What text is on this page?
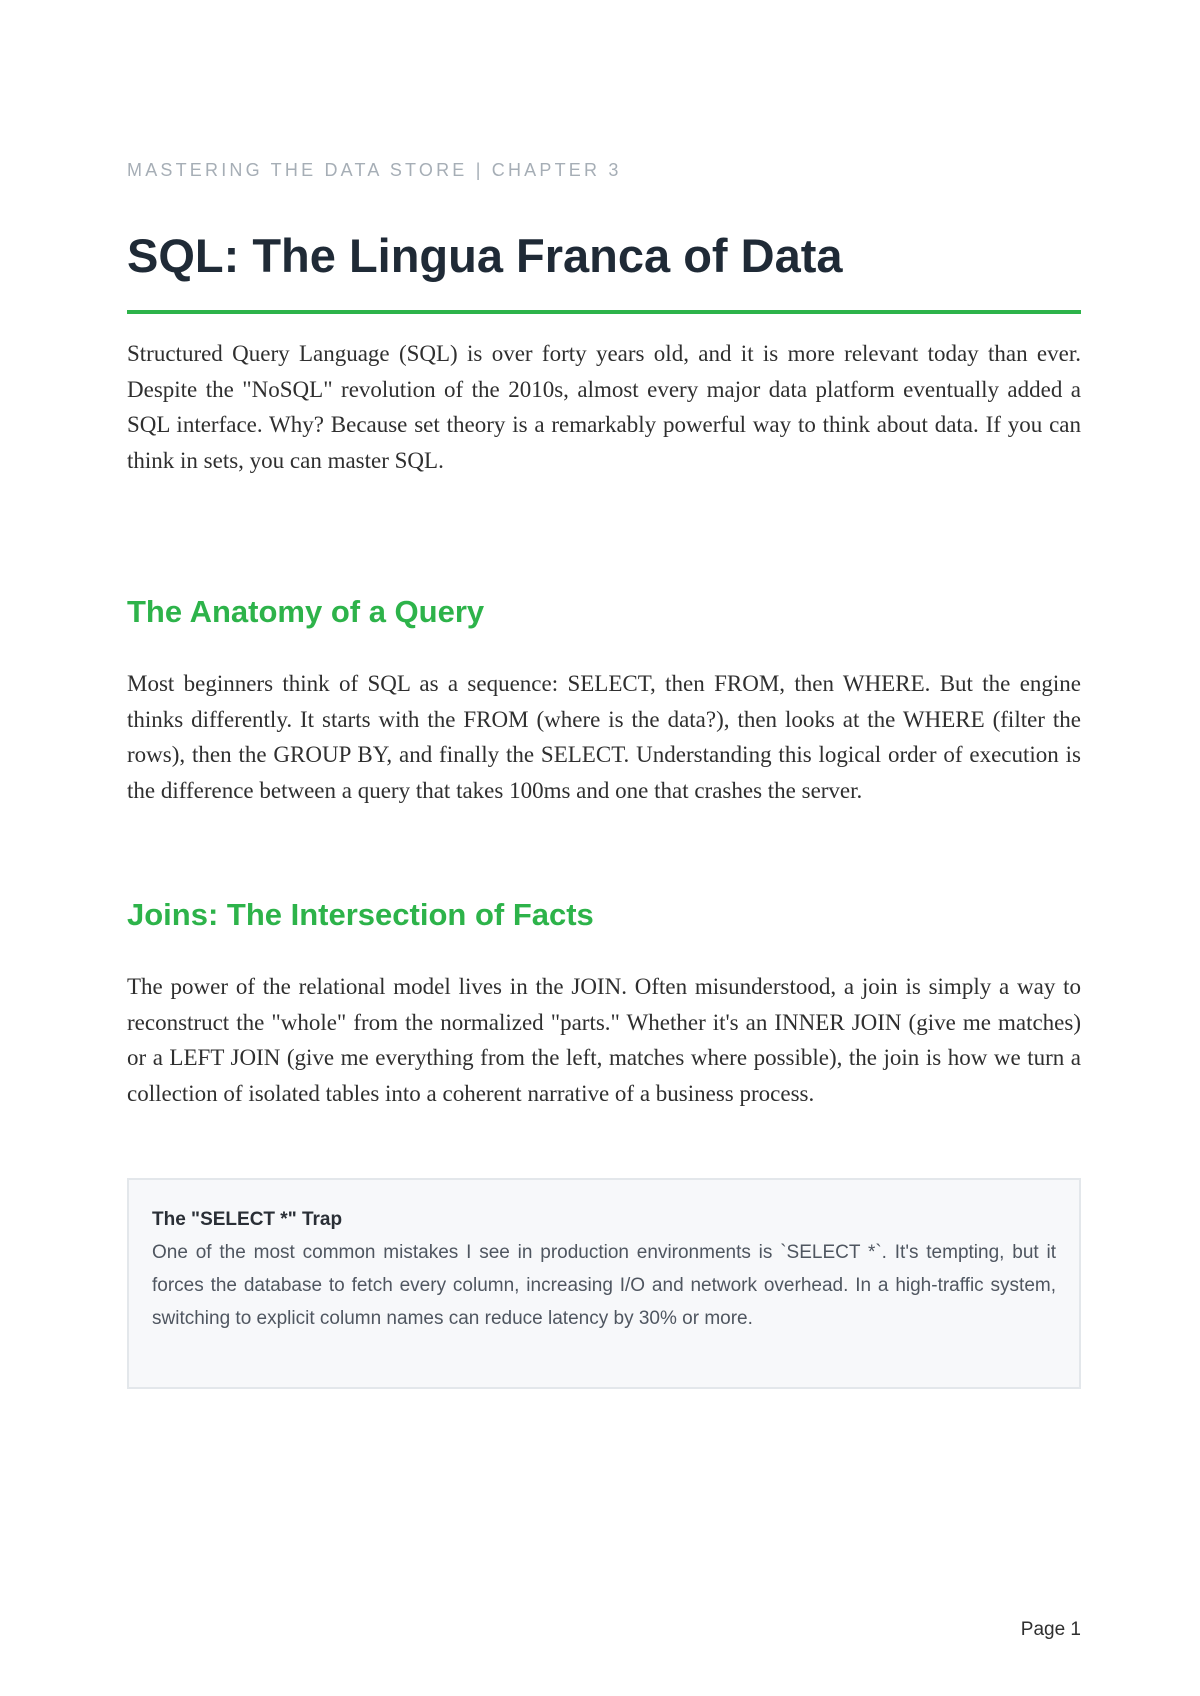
MASTERING THE DATA STORE | CHAPTER 3
SQL: The Lingua Franca of Data

Structured Query Language (SQL) is over forty years old, and it is more relevant today than ever. Despite the "NoSQL" revolution of the 2010s, almost every major data platform eventually added a SQL interface. Why? Because set theory is a remarkably powerful way to think about data. If you can think in sets, you can master SQL.

The Anatomy of a Query

Most beginners think of SQL as a sequence: SELECT, then FROM, then WHERE. But the engine thinks differently. It starts with the FROM (where is the data?), then looks at the WHERE (filter the rows), then the GROUP BY, and finally the SELECT. Understanding this logical order of execution is the difference between a query that takes 100ms and one that crashes the server.

Joins: The Intersection of Facts

The power of the relational model lives in the JOIN. Often misunderstood, a join is simply a way to reconstruct the "whole" from the normalized "parts." Whether it's an INNER JOIN (give me matches) or a LEFT JOIN (give me everything from the left, matches where possible), the join is how we turn a collection of isolated tables into a coherent narrative of a business process.

The "SELECT *" Trap

One of the most common mistakes I see in production environments is `SELECT *`. It's tempting, but it forces the database to fetch every column, increasing I/O and network overhead. In a high-traffic system, switching to explicit column names can reduce latency by 30% or more.

Page 1
